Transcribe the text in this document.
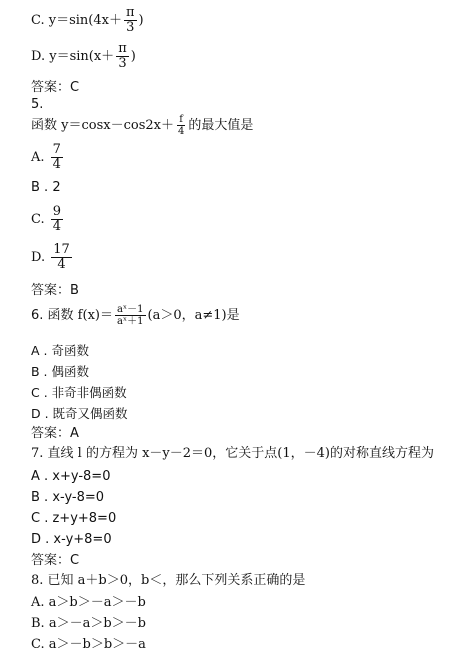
C. $y=\sin(4x+ \frac{\pi}{3}$ )
D. $y=\sin(x+ \frac{\pi}{3}$ )
答案：C
5.
函数 $y=\cos x-\cos 2x+ \frac{f}{4}$ 的最大值是
A. $\frac{7}{4}$
B . 2
C. $\frac{9}{4}$
D. $\frac{17}{4}$
答案：B
6. 函数 $f(x)= \frac{\text{aˣ－1}}{\text{aˣ＋1}} (a>0$，a≠1)是
A . 奇函数
B . 偶函数
C . 非奇非偶函数
D . 既奇又偶函数
答案：A
7. 直线 l 的方程为 x－y－2＝0，它关于点(1，－4)的对称直线方程为
A . x+y-8=0
B . x-y-8=0
C . z+y+8=0
D . x-y+8=0
答案：C
8. 已知 a＋b＞0，b＜，那么下列关系正确的是
A. a＞b＞－a＞－b
B. a＞－a＞b＞－b
C. a＞－b＞b＞－a
